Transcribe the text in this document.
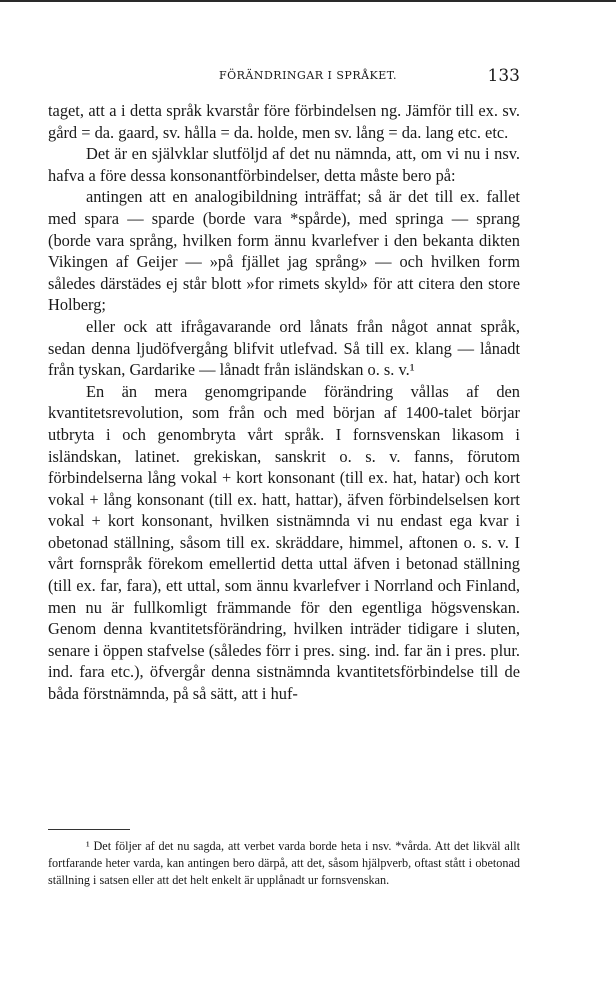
FÖRÄNDRINGAR I SPRÅKET.	133

taget, att a i detta språk kvarstår före förbindelsen ng. Jämför till ex. sv. gård = da. gaard, sv. hålla = da. holde, men sv. lång = da. lang etc. etc.

Det är en självklar slutföljd af det nu nämnda, att, om vi nu i nsv. hafva a före dessa konsonantförbindelser, detta måste bero på:

antingen att en analogibildning inträffat; så är det till ex. fallet med spara — sparde (borde vara *spårde), med springa — sprang (borde vara språng, hvilken form ännu kvarlefver i den bekanta dikten Vikingen af Geijer — »på fjället jag språng» — och hvilken form således därstädes ej står blott »for rimets skyld» för att citera den store Holberg;

eller ock att ifrågavarande ord lånats från något annat språk, sedan denna ljudöfvergång blifvit utlefvad. Så till ex. klang — lånadt från tyskan, Gardarike — lånadt från isländskan o. s. v.¹

En än mera genomgripande förändring vållas af den kvantitetsrevolution, som från och med början af 1400-talet börjar utbryta i och genombryta vårt språk. I fornsvenskan likasom i isländskan, latinet. grekiskan, sanskrit o. s. v. fanns, förutom förbindelserna lång vokal + kort konsonant (till ex. hat, hatar) och kort vokal + lång konsonant (till ex. hatt, hattar), äfven förbindelselsen kort vokal + kort konsonant, hvilken sistnämnda vi nu endast ega kvar i obetonad ställning, såsom till ex. skräddare, himmel, aftonen o. s. v. I vårt fornspråk förekom emellertid detta uttal äfven i betonad ställning (till ex. far, fara), ett uttal, som ännu kvarlefver i Norrland och Finland, men nu är fullkomligt främmande för den egentliga högsvenskan. Genom denna kvantitetsförändring, hvilken inträder tidigare i sluten, senare i öppen stafvelse (således förr i pres. sing. ind. far än i pres. plur. ind. fara etc.), öfvergår denna sistnämnda kvantitetsförbindelse till de båda förstnämnda, på så sätt, att i huf-

¹ Det följer af det nu sagda, att verbet varda borde heta i nsv. *vårda. Att det likväl allt fortfarande heter varda, kan antingen bero därpå, att det, såsom hjälpverb, oftast stått i obetonad ställning i satsen eller att det helt enkelt är upplånadt ur fornsvenskan.
